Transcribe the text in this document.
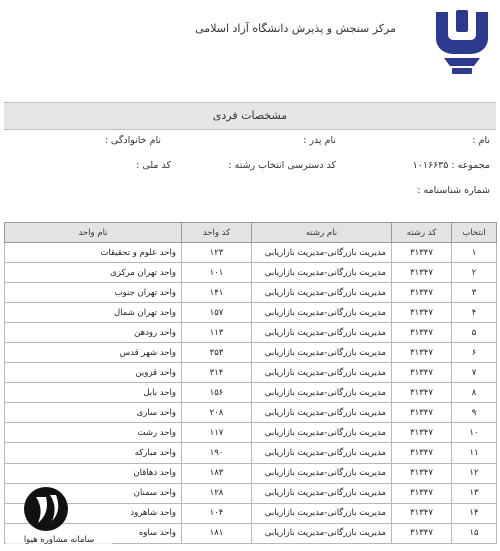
مرکز سنجش و پذیرش دانشگاه آزاد اسلامی
مشخصات فردی
نام :
نام پدر :
نام خانوادگی :
مجموعه : ۱۰۱۶۶۳۵
کد دسترسی انتخاب رشته :
کد ملی :
شماره شناسنامه :
انتخاب	کد رشته	نام رشته	کد واحد	نام واحد
۱	۳۱۳۴۷	مدیریت بازرگانی-مدیریت بازاریابی	۱۲۳	واحد علوم و تحقیقات
۲	۳۱۳۴۷	مدیریت بازرگانی-مدیریت بازاریابی	۱۰۱	واحد تهران مرکزی
۳	۳۱۳۴۷	مدیریت بازرگانی-مدیریت بازاریابی	۱۴۱	واحد تهران جنوب
۴	۳۱۳۴۷	مدیریت بازرگانی-مدیریت بازاریابی	۱۵۷	واحد تهران شمال
۵	۳۱۳۴۷	مدیریت بازرگانی-مدیریت بازاریابی	۱۱۳	واحد رودهن
۶	۳۱۳۴۷	مدیریت بازرگانی-مدیریت بازاریابی	۳۵۳	واحد شهر قدس
۷	۳۱۳۴۷	مدیریت بازرگانی-مدیریت بازاریابی	۳۱۴	واحد قزوین
۸	۳۱۳۴۷	مدیریت بازرگانی-مدیریت بازاریابی	۱۵۶	واحد بابل
۹	۳۱۳۴۷	مدیریت بازرگانی-مدیریت بازاریابی	۲۰۸	واحد ساری
۱۰	۳۱۳۴۷	مدیریت بازرگانی-مدیریت بازاریابی	۱۱۷	واحد رشت
۱۱	۳۱۳۴۷	مدیریت بازرگانی-مدیریت بازاریابی	۱۹۰	واحد مبارکه
۱۲	۳۱۳۴۷	مدیریت بازرگانی-مدیریت بازاریابی	۱۸۳	واحد دهاقان
۱۳	۳۱۳۴۷	مدیریت بازرگانی-مدیریت بازاریابی	۱۲۸	واحد سمنان
۱۴	۳۱۳۴۷	مدیریت بازرگانی-مدیریت بازاریابی	۱۰۴	واحد شاهرود
۱۵	۳۱۳۴۷	مدیریت بازرگانی-مدیریت بازاریابی	۱۸۱	واحد ساوه
سامانه مشاوره هیوا
